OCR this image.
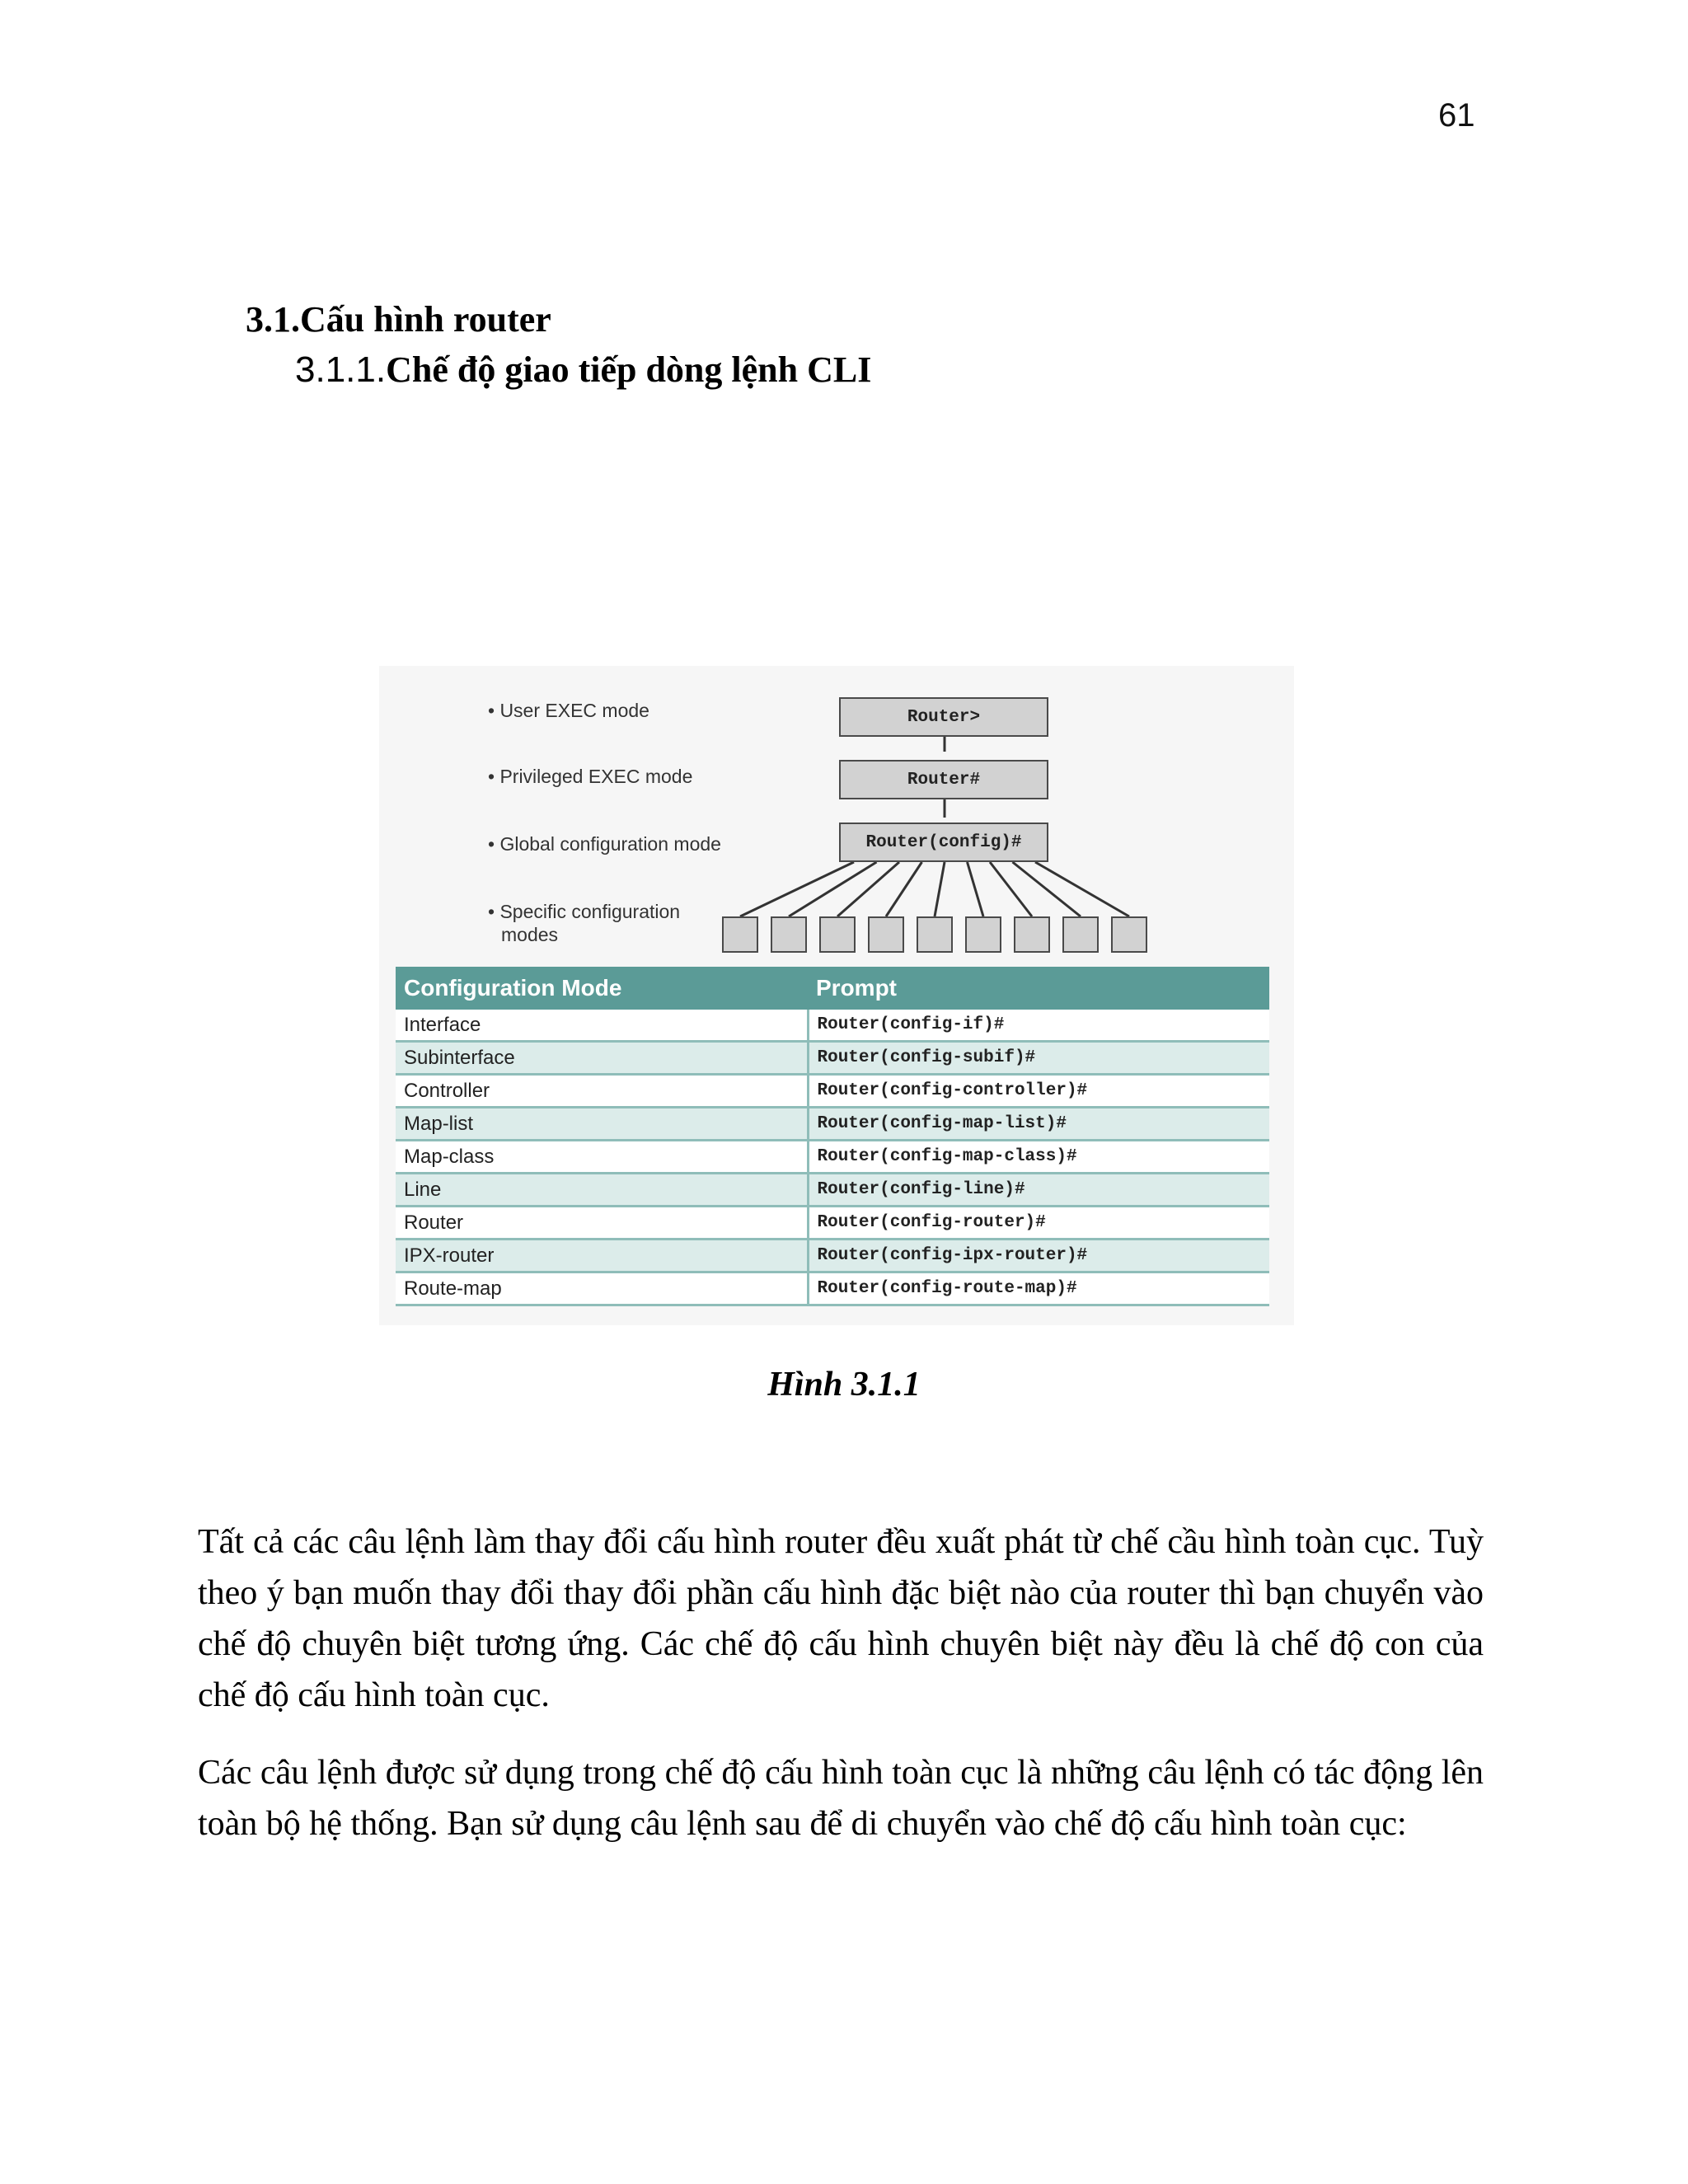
61
3.1.Cấu hình router
3.1.1.Chế độ giao tiếp dòng lệnh CLI
• User EXEC mode
• Privileged EXEC mode
• Global configuration mode
• Specific configuration
modes
Router>
Router#
Router(config)#
Configuration Mode	Prompt
Interface	Router(config-if)#
Subinterface	Router(config-subif)#
Controller	Router(config-controller)#
Map-list	Router(config-map-list)#
Map-class	Router(config-map-class)#
Line	Router(config-line)#
Router	Router(config-router)#
IPX-router	Router(config-ipx-router)#
Route-map	Router(config-route-map)#
Hình 3.1.1

Tất cả các câu lệnh làm thay đổi cấu hình router đều xuất phát từ chế cầu hình toàn cục. Tuỳ theo ý bạn muốn thay đổi thay đổi phần cấu hình đặc biệt nào của router thì bạn chuyển vào chế độ chuyên biệt tương ứng. Các chế độ cấu hình chuyên biệt này đều là chế độ con của chế độ cấu hình toàn cục.

Các câu lệnh được sử dụng trong chế độ cấu hình toàn cục là những câu lệnh có tác động lên toàn bộ hệ thống. Bạn sử dụng câu lệnh sau để di chuyển vào chế độ cấu hình toàn cục:
